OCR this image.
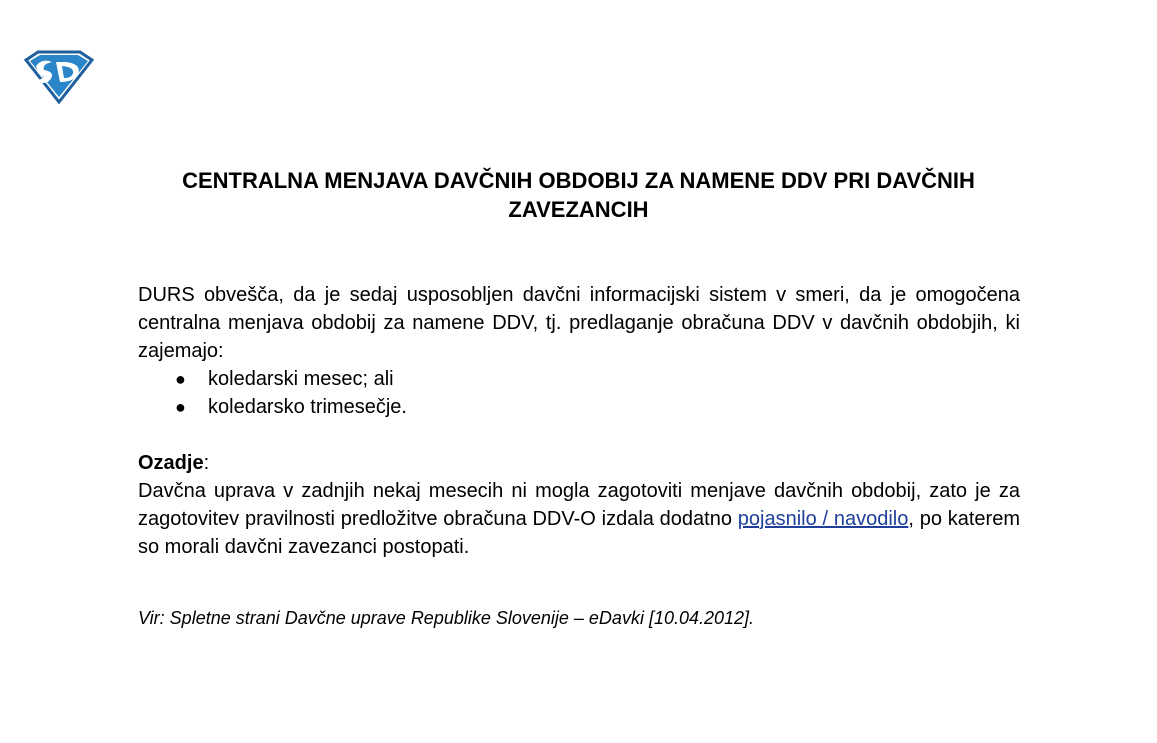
CENTRALNA MENJAVA DAVČNIH OBDOBIJ ZA NAMENE DDV PRI DAVČNIH ZAVEZANCIH

DURS obvešča, da je sedaj usposobljen davčni informacijski sistem v smeri, da je omogočena centralna menjava obdobij za namene DDV, tj. predlaganje obračuna DDV v davčnih obdobjih, ki zajemajo:

● koledarski mesec; ali
● koledarsko trimesečje.

Ozadje:

Davčna uprava v zadnjih nekaj mesecih ni mogla zagotoviti menjave davčnih obdobij, zato je za zagotovitev pravilnosti predložitve obračuna DDV-O izdala dodatno pojasnilo / navodilo, po katerem so morali davčni zavezanci postopati.

Vir: Spletne strani Davčne uprave Republike Slovenije – eDavki [10.04.2012].
